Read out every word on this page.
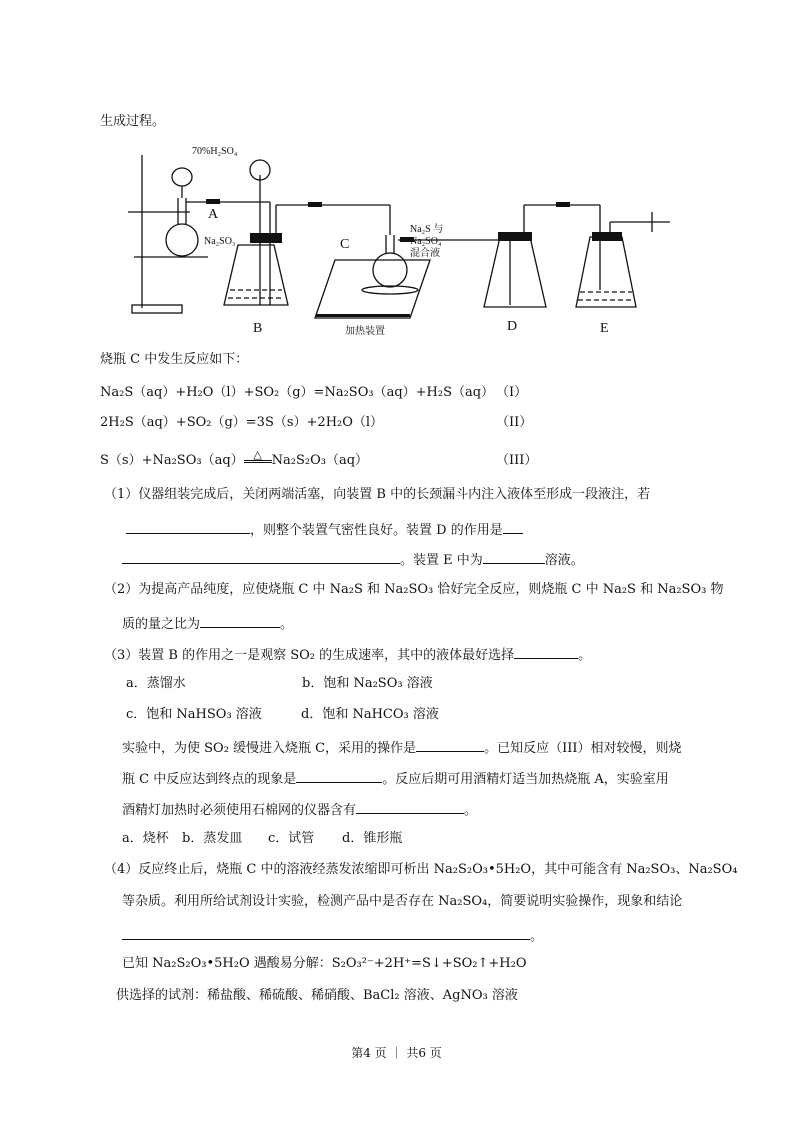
生成过程。
70%H₂SO₄
A
Na₂SO₃
B
C
Na₂S 与
Na₂SO₄
混合液
加热装置	D	E
烧瓶 C 中发生反应如下：
Na₂S（aq）+H₂O（l）+SO₂（g）=Na₂SO₃（aq）+H₂S（aq） （I）
2H₂S（aq）+SO₂（g）=3S（s）+2H₂O（l）	（II）
S（s）+Na₂SO₃（aq） △ Na₂S₂O₃（aq）	（III）
（1）仪器组装完成后，关闭两端活塞，向装置 B 中的长颈漏斗内注入液体至形成一段液注，若
，则整个装置气密性良好。装置 D 的作用是
。装置 E 中为	溶液。
（2）为提高产品纯度，应使烧瓶 C 中 Na₂S 和 Na₂SO₃ 恰好完全反应，则烧瓶 C 中 Na₂S 和 Na₂SO₃ 物
质的量之比为	。
（3）装置 B 的作用之一是观察 SO₂ 的生成速率，其中的液体最好选择	。
a．蒸馏水	b．饱和 Na₂SO₃ 溶液
c．饱和 NaHSO₃ 溶液	d．饱和 NaHCO₃ 溶液
实验中，为使 SO₂ 缓慢进入烧瓶 C，采用的操作是	。已知反应（III）相对较慢，则烧
瓶 C 中反应达到终点的现象是	。反应后期可用酒精灯适当加热烧瓶 A，实验室用
酒精灯加热时必须使用石棉网的仪器含有	。
a．烧杯 b．蒸发皿 c．试管 d．锥形瓶
（4）反应终止后，烧瓶 C 中的溶液经蒸发浓缩即可析出 Na₂S₂O₃•5H₂O，其中可能含有 Na₂SO₃、Na₂SO₄
等杂质。利用所给试剂设计实验，检测产品中是否存在 Na₂SO₄，简要说明实验操作，现象和结论
。
已知 Na₂S₂O₃•5H₂O 遇酸易分解：S₂O₃²⁻+2H⁺=S↓+SO₂↑+H₂O
供选择的试剂：稀盐酸、稀硫酸、稀硝酸、BaCl₂ 溶液、AgNO₃ 溶液
第4 页 ｜ 共6 页
